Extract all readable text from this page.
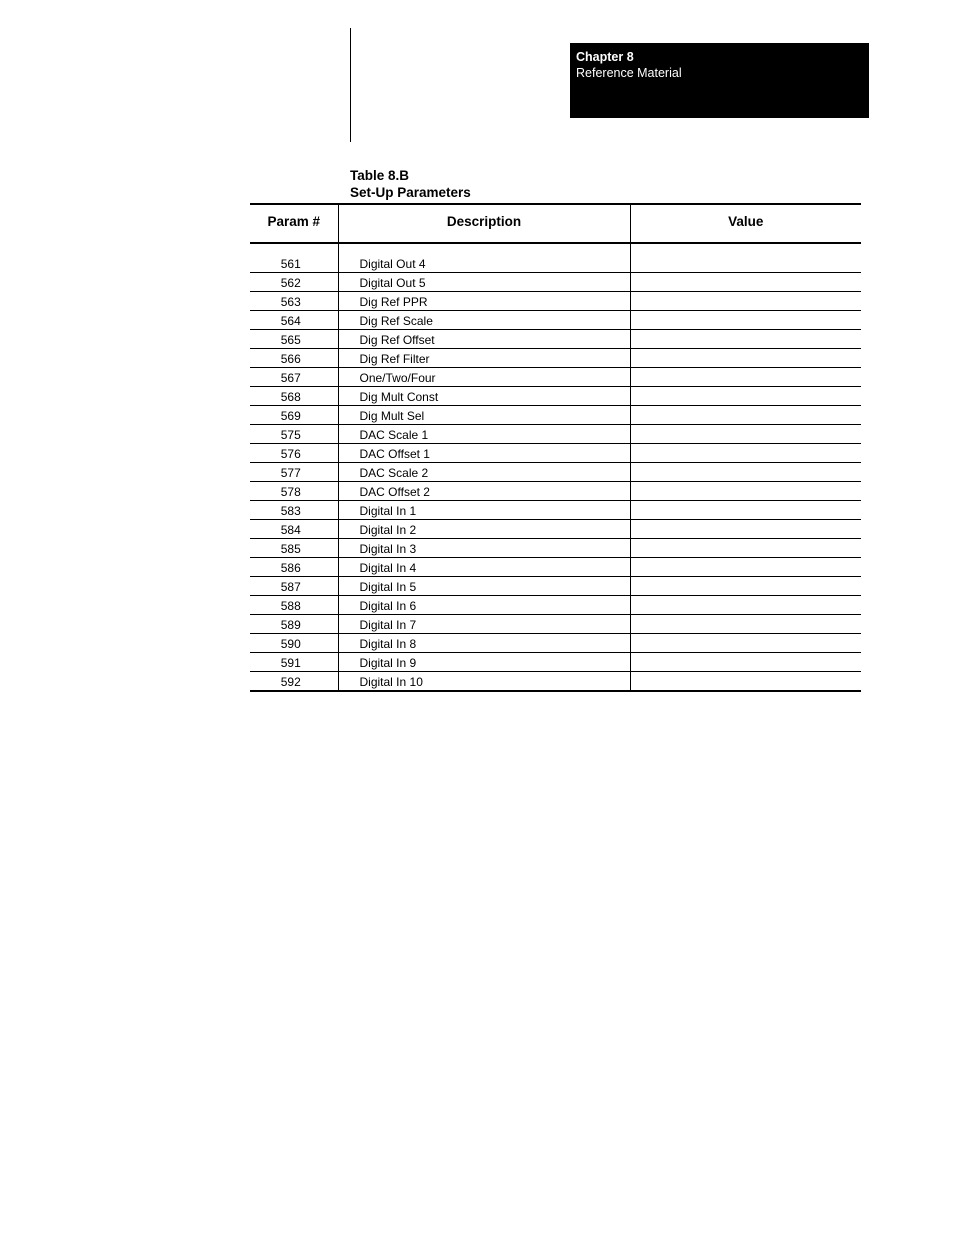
Chapter 8
Reference Material
Table 8.B
Set-Up Parameters
Param #	Description	Value

561	Digital Out 4	
562	Digital Out 5	
563	Dig Ref PPR	
564	Dig Ref Scale	
565	Dig Ref Offset	
566	Dig Ref Filter	
567	One/Two/Four	
568	Dig Mult Const	
569	Dig Mult Sel	
575	DAC Scale 1	
576	DAC Offset 1	
577	DAC Scale 2	
578	DAC Offset 2	
583	Digital In 1	
584	Digital In 2	
585	Digital In 3	
586	Digital In 4	
587	Digital In 5	
588	Digital In 6	
589	Digital In 7	
590	Digital In 8	
591	Digital In 9	
592	Digital In 10	
